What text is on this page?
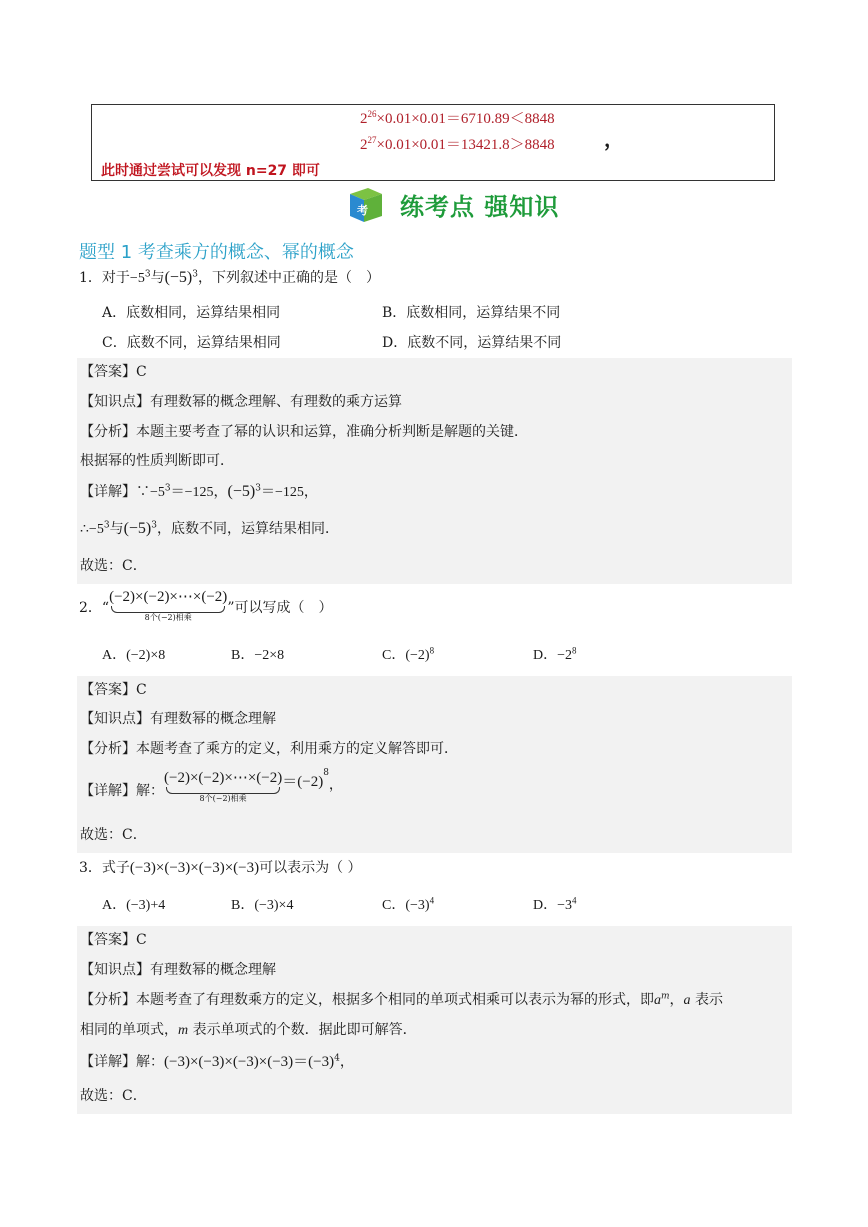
$2^{26}\times 0.01\times 0.01=6710.89<8848$
$2^{27}\times 0.01\times 0.01=13421.8>8848$ ，
此时通过尝试可以发现 n=27 即可
考 练考点 强知识
题型 1 考查乘方的概念、幂的概念
1．对于$-5^3$与$(-5)^3$，下列叙述中正确的是（　）
A．底数相同，运算结果相同	B．底数相同，运算结果不同
C．底数不同，运算结果相同	D．底数不同，运算结果不同
【答案】C
【知识点】有理数幂的概念理解、有理数的乘方运算
【分析】本题主要考查了幂的认识和运算，准确分析判断是解题的关键．
根据幂的性质判断即可．
【详解】$\because-5^3=-125$，$(-5)^3=-125$，
$\therefore-5^3$与$(-5)^3$，底数不同，运算结果相同．
故选：C．
2．“
(−2)×(−2)×⋯×(−2)
8个(−2)相乘
”可以写成（　）
A．(−2)×8	B．−2×8	C．$(-2)^8$	D．$-2^8$
【答案】C
【知识点】有理数幂的概念理解
【分析】本题考查了乘方的定义，利用乘方的定义解答即可．
【详解】解：
(−2)×(−2)×⋯×(−2)
8个(−2)相乘
$=(-2)^8$，
故选：C．
3．式子(−3)×(−3)×(−3)×(−3)可以表示为（ ）
A．(−3)+4	B．(−3)×4	C．$(-3)^4$	D．$-3^4$
【答案】C
【知识点】有理数幂的概念理解
【分析】本题考查了有理数乘方的定义，根据多个相同的单项式相乘可以表示为幂的形式，即$a^m$，a 表示
相同的单项式，m 表示单项式的个数．据此即可解答．
【详解】解：$(-3)\times(-3)\times(-3)\times(-3)=(-3)^4$，
故选：C．
